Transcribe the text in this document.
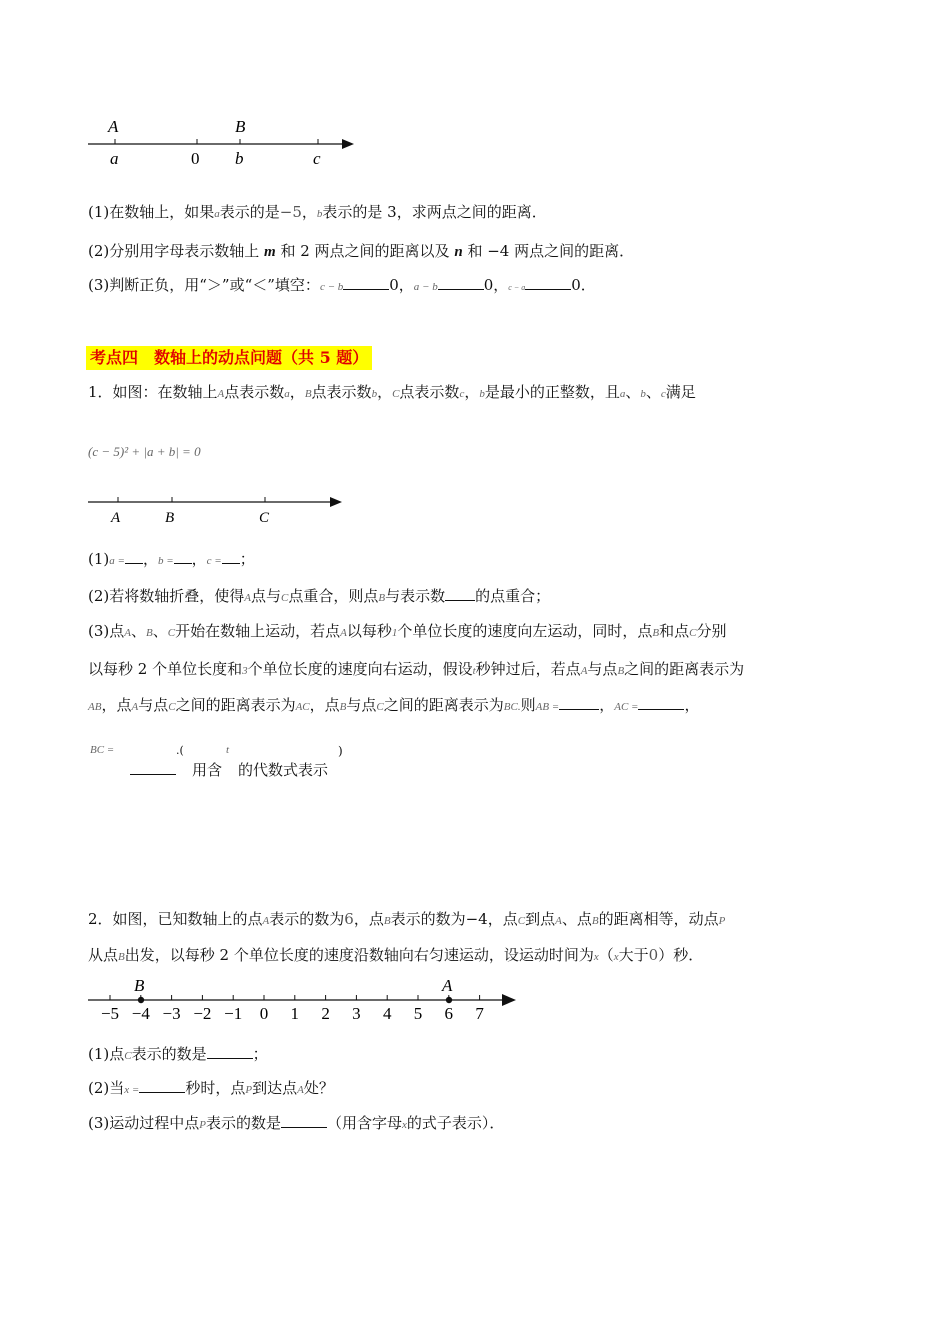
A	B
a	0 b	c
(1)在数轴上，如果a表示的是−5，b表示的是 3，求两点之间的距离．
(2)分别用字母表示数轴上 m 和 2 两点之间的距离以及 n 和 −4 两点之间的距离．
(3)判断正负，用“＞”或“＜”填空：c − b	0，a − b	0，c − a	0．
考点四　数轴上的动点问题（共 5 题）
1．如图：在数轴上A点表示数a，B点表示数b，C点表示数c，b是最小的正整数，且a、b、c满足
(c − 5)² + |a + b| = 0
A	B	C
(1)a = ，b = ，c = ；
(2)若将数轴折叠，使得A点与C点重合，则点B与表示数 的点重合；
(3)点A、B、C开始在数轴上运动，若点A以每秒1个单位长度的速度向左运动，同时，点B和点C分别
以每秒 2 个单位长度和3个单位长度的速度向右运动，假设t秒钟过后，若点A与点B之间的距离表示为
AB，点A与点C之间的距离表示为AC，点B与点C之间的距离表示为BC.则AB =	，AC =	，
BC =	.(
用含
t
的代数式表示
)
2．如图，已知数轴上的点A表示的数为6，点B表示的数为−4，点C到点A、点B的距离相等，动点P
从点B出发，以每秒 2 个单位长度的速度沿数轴向右匀速运动，设运动时间为x（x大于0）秒．
B	A
−5 −4 −3 −2 −1 0 1 2 3 4 5 6 7
(1)点C表示的数是	；
(2)当x =	秒时，点P到达点A处？
(3)运动过程中点P表示的数是	（用含字母x的式子表示）．
